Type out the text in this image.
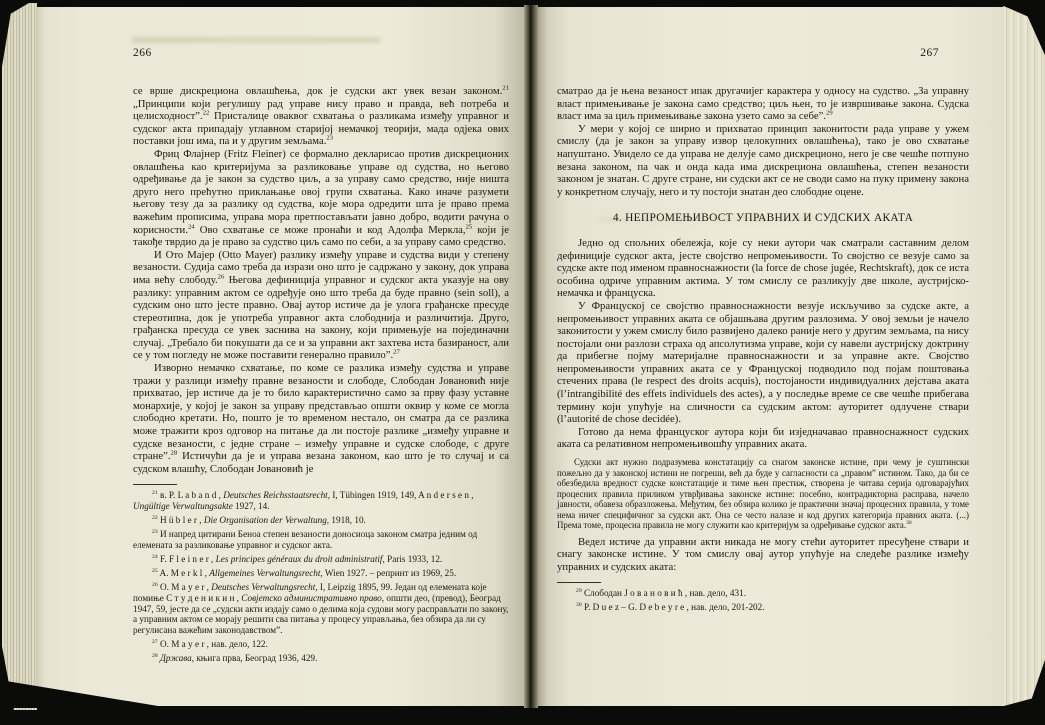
266

се врше дискрециона овлашћења, док је судски акт увек везан законом.$^{21}$ „Принципи који регулишу рад управе нису право и правда, већ потреба и целисходност”.$^{22}$ Присталице оваквог схватања о разликама између управног и судског акта припадају углавном старијој немачкој теорији, мада одјека ових поставки још има, па и у другим земљама.$^{23}$

Фриц Флајнер (Fritz Fleiner) се формално декларисао против дискреционих овлашћења као критеријума за разликовање управе од судства, но његово одређивање да је закон за судство циљ, а за управу само средство, није ништа друго него прећутно приклањање овој групи схватања. Како иначе разумети његову тезу да за разлику од судства, које мора одредити шта је право према важећим прописима, управа мора претпостављати јавно добро, водити рачуна о корисности.$^{24}$ Ово схватање се може пронаћи и код Адолфа Меркла,$^{25}$ који је такође тврдио да је право за судство циљ само по себи, а за управу само средство.

И Ото Мајер (Otto Mayer) разлику између управе и судства види у степену везаности. Судија само треба да изрази оно што је садржано у закону, док управа има већу слободу.$^{26}$ Његова дефиниција управног и судског акта указује на ову разлику: управним актом се одређује оно што треба да буде правно (sein soll), а судским оно што јесте правно. Овај аутор истиче да је улога грађанске пресуде стереотипна, док је употреба управног акта слободнија и различитија. Друго, грађанска пресуда се увек заснива на закону, који примењује на појединачни случај. „Требало би покушати да се и за управни акт захтева иста базираност, али се у том погледу не може поставити генерално правило”.$^{27}$

Изворно немачко схватање, по коме се разлика између судства и управе тражи у разлици између правне везаности и слободе, Слободан Јовановић није прихватао, јер истиче да је то било карактеристично само за прву фазу уставне монархије, у којој је закон за управу представљао општи оквир у коме се могла слободно кретати. Но, пошто је то временом нестало, он сматра да се разлика може тражити кроз одговор на питање да ли постоје разлике „између управне и судске везаности, с једне стране – између управне и судске слободе, с друге стране”.$^{28}$ Истичући да је и управа везана законом, као што је то случај и са судском влашћу, Слободан Јовановић је

$^{21}$ в. P. L a b a n d , Deutsches Reichsstaatsrecht, I, Tübingen 1919, 149, A n d e r s e n , Ungültige Verwaltungsakte 1927, 14.

$^{22}$ H ü b l e r , Die Organisation der Verwaltung, 1918, 10.

$^{23}$ И напред цитирани Беноа степен везаности доносиоца законом сматра једним од елемената за разликовање управног и судског акта.

$^{24}$ F. F l e i n e r , Les principes généraux du droit administratif, Paris 1933, 12.

$^{25}$ A. M e r k l , Allgemeines Verwaltungsrecht, Wien 1927. – репринт из 1969, 25.

$^{26}$ O. M a y e r , Deutsches Verwaltungsrecht, I, Leipzig 1895, 99. Један од елемената које помиње С т у д е н и к и н , Совјетско административно право, општи део, (превод), Београд 1947, 59, јесте да се „судски акти издају само о делима која судови могу расправљати по закону, а управним актом се морају решити сва питања у процесу управљања, без обзира да ли су регулисана важећим законодавством”.

$^{27}$ O. M a y e r , нав. дело, 122.

$^{28}$ Држава, књига прва, Београд 1936, 429.

267

сматрао да је њена везаност ипак другачијег карактера у односу на судство. „За управну власт примењивање је закона само средство; циљ њен, то је извршивање закона. Судска власт има за циљ примењивање закона узето само за себе”.$^{29}$

У мери у којој се ширио и прихватао принцип законитости рада управе у ужем смислу (да је закон за управу извор целокупних овлашћења), тако је ово схватање напуштано. Увидело се да управа не делује само дискреционо, него је све чешће потпуно везана законом, па чак и онда када има дискрециона овлашћења, степен везаности законом је знатан. С друге стране, ни судски акт се не своди само на пуку примену закона у конкретном случају, него и ту постоји знатан део слободне оцене.

4. НЕПРОМЕЊИВОСТ УПРАВНИХ И СУДСКИХ АКАТА

Једно од спољних обележја, које су неки аутори чак сматрали саставним делом дефиниције судског акта, јесте својство непромењивости. То својство се везује само за судске акте под именом правноснажности (la force de chose jugée, Rechtskraft), док се иста особина одриче управним актима. У том смислу се разликују две школе, аустријско-немачка и француска.

У Француској се својство правноснажности везује искључиво за судске акте, а непромењивост управних аката се објашњава другим разлозима. У овој земљи је начело законитости у ужем смислу било развијено далеко раније него у другим земљама, па нису постојали они разлози страха од апсолутизма управе, који су навели аустријску доктрину да прибегне појму материјалне правноснажности и за управне акте. Својство непромењивости управних аката се у Француској подводило под појам поштовања стечених права (le respect des droits acquis), постојаности индивидуалних дејстава аката (l’intrangibilité des effets individuels des actes), а у последње време се све чешће прибегава термину који упућује на сличности са судским актом: ауторитет одлучене ствари (l’autorité de chose decidée).

Готово да нема француског аутора који би изједначавао правноснажност судских аката са релативном непромењивошћу управних аката.

Судски акт нужно подразумева констатацију са снагом законске истине, при чему је суштински пожељно да у законској истини не погреши, већ да буде у сагласности са „правом” истином. Тако, да би се обезбедила вредност судске констатације и тиме њен престиж, створена је читава серија одговарајућих процесних правила приликом утврђивања законске истине: посебно, контрадикторна расправа, начело јавности, обавеза образложења. Међутим, без обзира колико је практични значај процесних правила, у томе нема ничег специфичног за судски акт. Она се често налазе и код других категорија правних аката. (...) Према томе, процесна правила не могу служити као критеријум за одређивање судског акта.$^{30}$

Ведел истиче да управни акти никада не могу стећи ауторитет пресуђене ствари и снагу законске истине. У том смислу овај аутор упућује на следеће разлике између управних и судских аката:

$^{29}$ Слободан Ј о в а н о в и ћ , нав. дело, 431.

$^{30}$ P. D u e z – G. D e b e y r e , нав. дело, 201-202.
